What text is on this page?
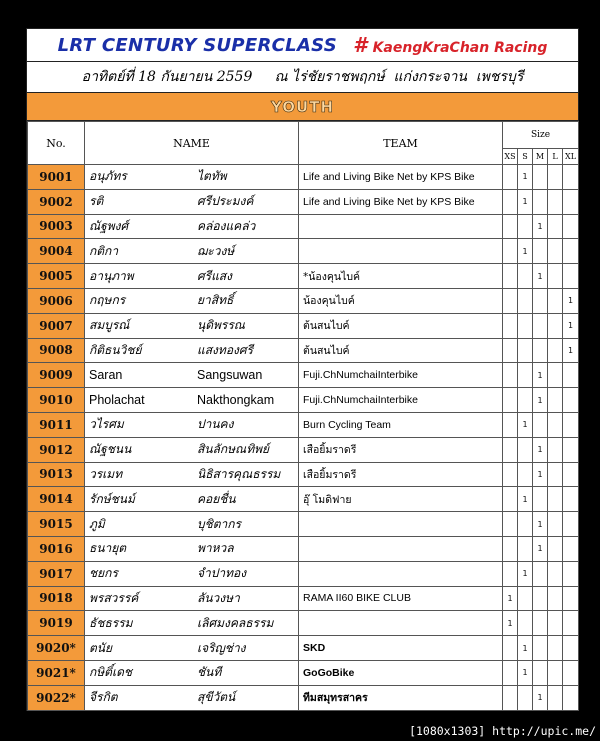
LRT CENTURY SUPERCLASS # KaengKraChan Racing
อาทิตย์ที่ 18 กันยายน 2559     ณ ไร่ชัยราชพฤกษ์  แก่งกระจาน  เพชรบุรี
YOUTH
No.	NAME	TEAM	Size				
			XS	S	M	L	XL
9001	อนุภัทร ไตทัพ	Life and Living Bike Net by KPS Bike		1			
9002	รติ ศรีประมงค์	Life and Living Bike Net by KPS Bike		1			
9003	ณัฐพงศ์ คล่องแคล่ว				1		
9004	กติกา ฌะวงษ์			1			
9005	อานุภาพ ศรีแสง	*น้องคุนไบค์			1		
9006	กฤษกร ยาสิทธิ์	น้องคุนไบค์					1
9007	สมบูรณ์ นุดิพรรณ	ต้นสนไบค์					1
9008	กิติธนวิชย์ แสงทองศรี	ต้นสนไบค์					1
9009	Saran Sangsuwan	Fuji.ChNumchaiInterbike			1		
9010	Pholachat Nakthongkam	Fuji.ChNumchaiInterbike			1		
9011	วไรศม ปานคง	Burn Cycling Team		1			
9012	ณัฐชนน สินลักษณทิพย์	เสือยิ้มราดรี			1		
9013	วรเมท นิธิสารคุณธรรม	เสือยิ้มราดรี			1		
9014	รักษ์ชนม์ คอยชื่น	อุ๊ โมดิฟาย		1			
9015	ภูมิ บุชิตากร				1		
9016	ธนายุต พาหวล				1		
9017	ชยกร จำปาทอง			1			
9018	พรสวรรค์ ลันวงษา	RAMA II60 BIKE CLUB	1				
9019	ธัชธรรม เลิศมงคลธรรม		1				
9020*	ตนัย เจริญช่าง	SKD		1			
9021*	กษิติ์เดช ชันที	GoGoBike		1			
9022*	จีรกิต สุขีวัตน์	ทีมสมุทรสาคร			1		
[1080x1303] http://upic.me/
